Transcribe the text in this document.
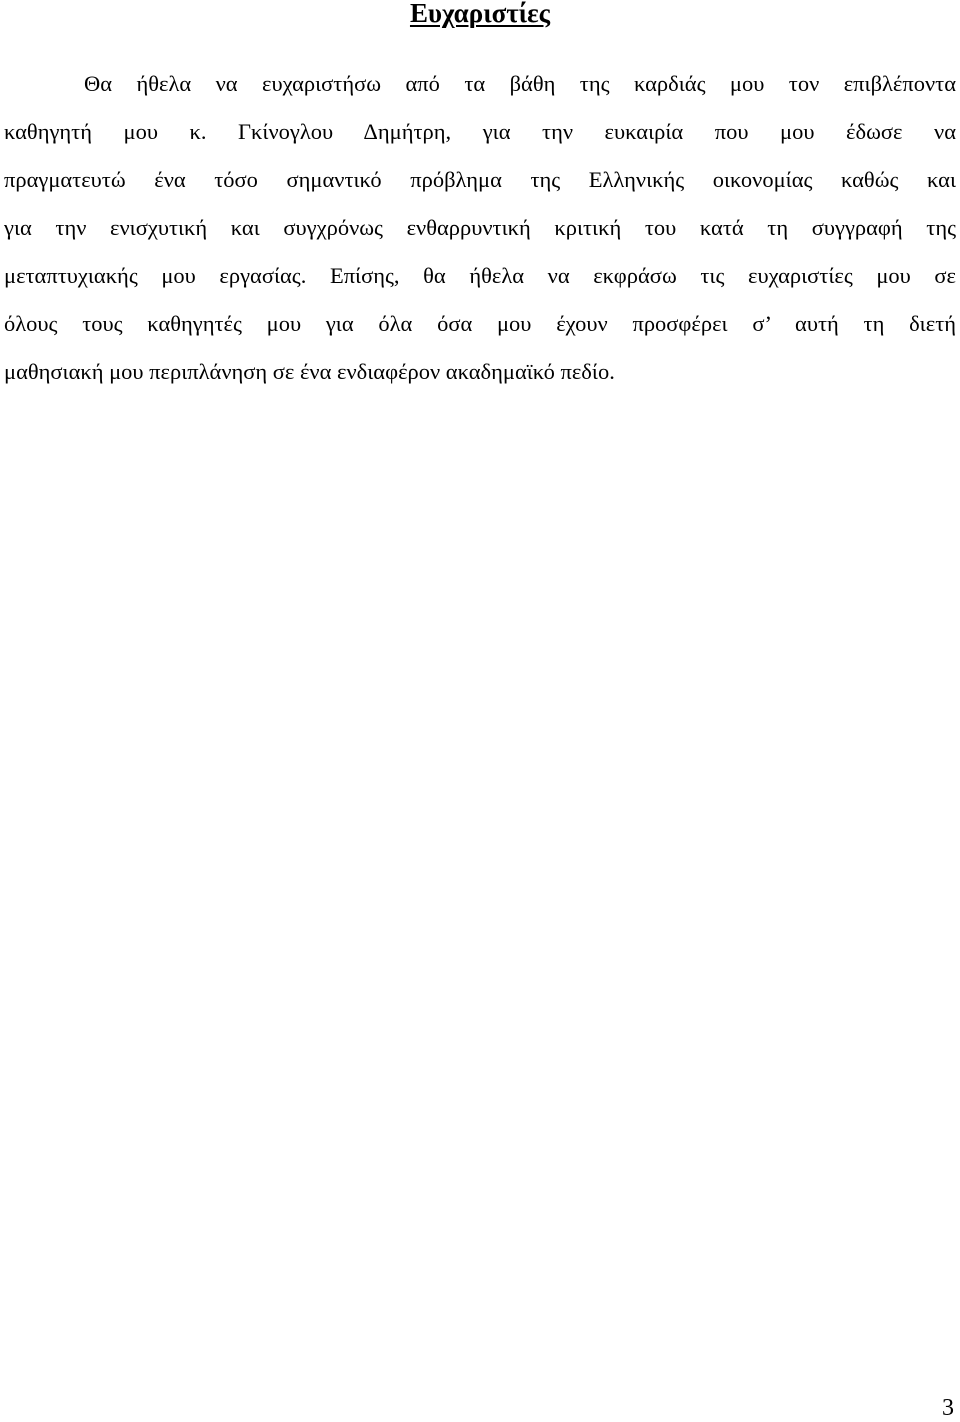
Ευχαριστίες
Θα ήθελα να ευχαριστήσω από τα βάθη της καρδιάς μου τον επιβλέποντα
καθηγητή μου κ. Γκίνογλου Δημήτρη, για την ευκαιρία που μου έδωσε να
πραγματευτώ ένα τόσο σημαντικό πρόβλημα της Ελληνικής οικονομίας καθώς και
για την ενισχυτική και συγχρόνως ενθαρρυντική κριτική του κατά τη συγγραφή της
μεταπτυχιακής μου εργασίας. Επίσης, θα ήθελα να εκφράσω τις ευχαριστίες μου σε
όλους τους καθηγητές μου για όλα όσα μου έχουν προσφέρει σ’ αυτή τη διετή
μαθησιακή μου περιπλάνηση σε ένα ενδιαφέρον ακαδημαϊκό πεδίο.
3
